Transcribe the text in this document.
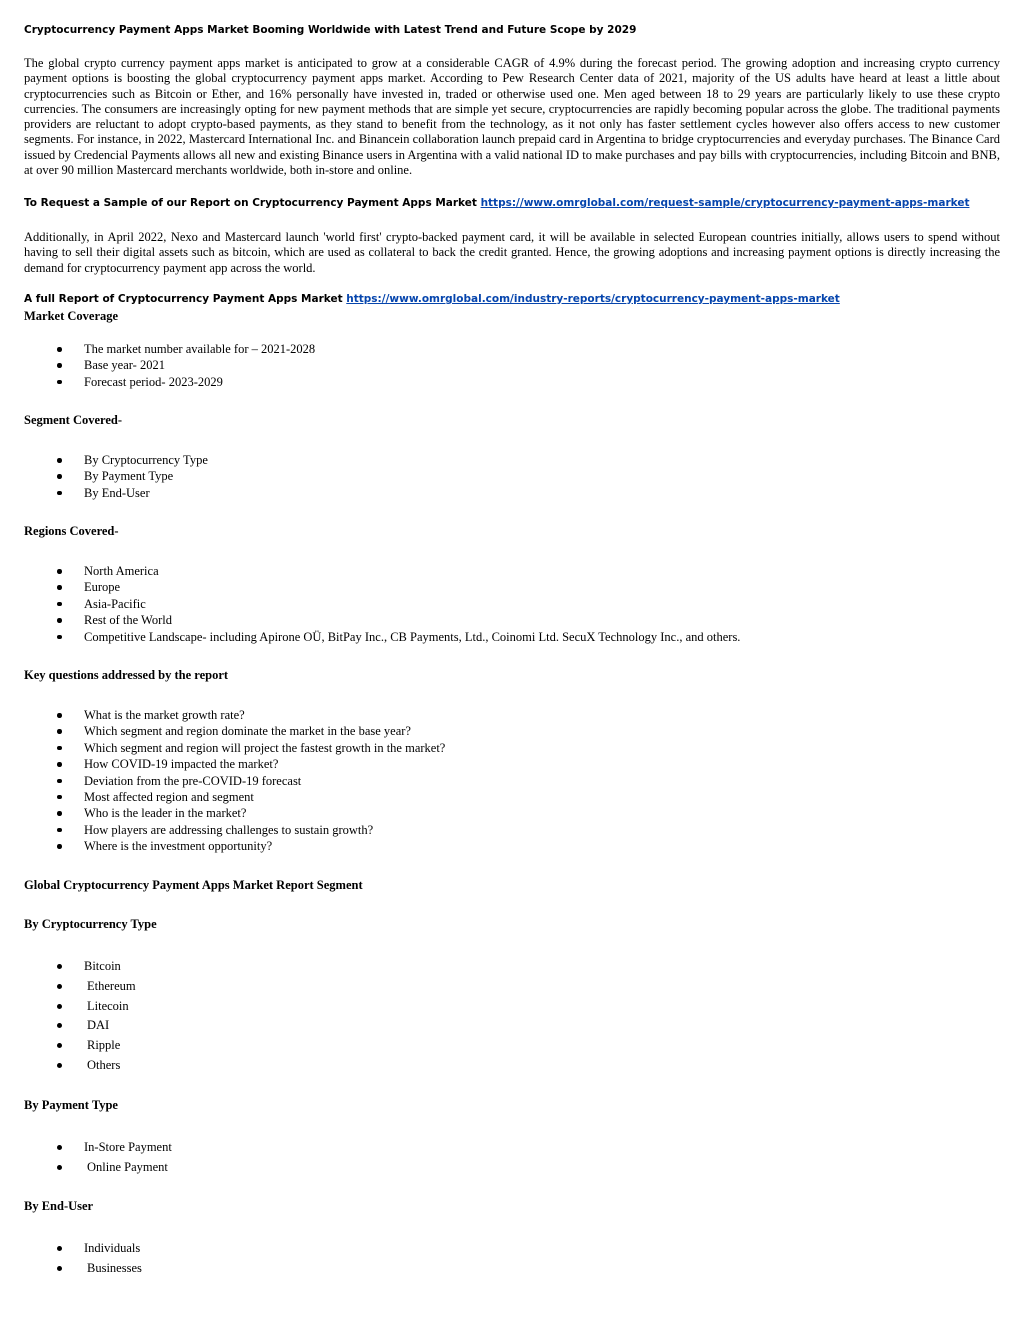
Cryptocurrency Payment Apps Market Booming Worldwide with Latest Trend and Future Scope by 2029
The global crypto currency payment apps market is anticipated to grow at a considerable CAGR of 4.9% during the forecast period. The growing adoption and increasing crypto currency payment options is boosting the global cryptocurrency payment apps market. According to Pew Research Center data of 2021, majority of the US adults have heard at least a little about cryptocurrencies such as Bitcoin or Ether, and 16% personally have invested in, traded or otherwise used one. Men aged between 18 to 29 years are particularly likely to use these crypto currencies. The consumers are increasingly opting for new payment methods that are simple yet secure, cryptocurrencies are rapidly becoming popular across the globe. The traditional payments providers are reluctant to adopt crypto-based payments, as they stand to benefit from the technology, as it not only has faster settlement cycles however also offers access to new customer segments. For instance, in 2022, Mastercard International Inc. and Binancein collaboration launch prepaid card in Argentina to bridge cryptocurrencies and everyday purchases. The Binance Card issued by Credencial Payments allows all new and existing Binance users in Argentina with a valid national ID to make purchases and pay bills with cryptocurrencies, including Bitcoin and BNB, at over 90 million Mastercard merchants worldwide, both in-store and online.
To Request a Sample of our Report on Cryptocurrency Payment Apps Market https://www.omrglobal.com/request-sample/cryptocurrency-payment-apps-market
Additionally, in April 2022, Nexo and Mastercard launch 'world first' crypto-backed payment card, it will be available in selected European countries initially, allows users to spend without having to sell their digital assets such as bitcoin, which are used as collateral to back the credit granted. Hence, the growing adoptions and increasing payment options is directly increasing the demand for cryptocurrency payment app across the world.
A full Report of Cryptocurrency Payment Apps Market https://www.omrglobal.com/industry-reports/cryptocurrency-payment-apps-market
Market Coverage
The market number available for – 2021-2028
Base year- 2021
Forecast period- 2023-2029
Segment Covered-
By Cryptocurrency Type
By Payment Type
By End-User
Regions Covered-
North America
Europe
Asia-Pacific
Rest of the World
Competitive Landscape- including Apirone OÜ, BitPay Inc., CB Payments, Ltd., Coinomi Ltd. SecuX Technology Inc., and others.
Key questions addressed by the report
What is the market growth rate?
Which segment and region dominate the market in the base year?
Which segment and region will project the fastest growth in the market?
How COVID-19 impacted the market?
Deviation from the pre-COVID-19 forecast
Most affected region and segment
Who is the leader in the market?
How players are addressing challenges to sustain growth?
Where is the investment opportunity?
Global Cryptocurrency Payment Apps Market Report Segment
By Cryptocurrency Type
Bitcoin
Ethereum
Litecoin
DAI
Ripple
Others
By Payment Type
In-Store Payment
Online Payment
By End-User
Individuals
Businesses
